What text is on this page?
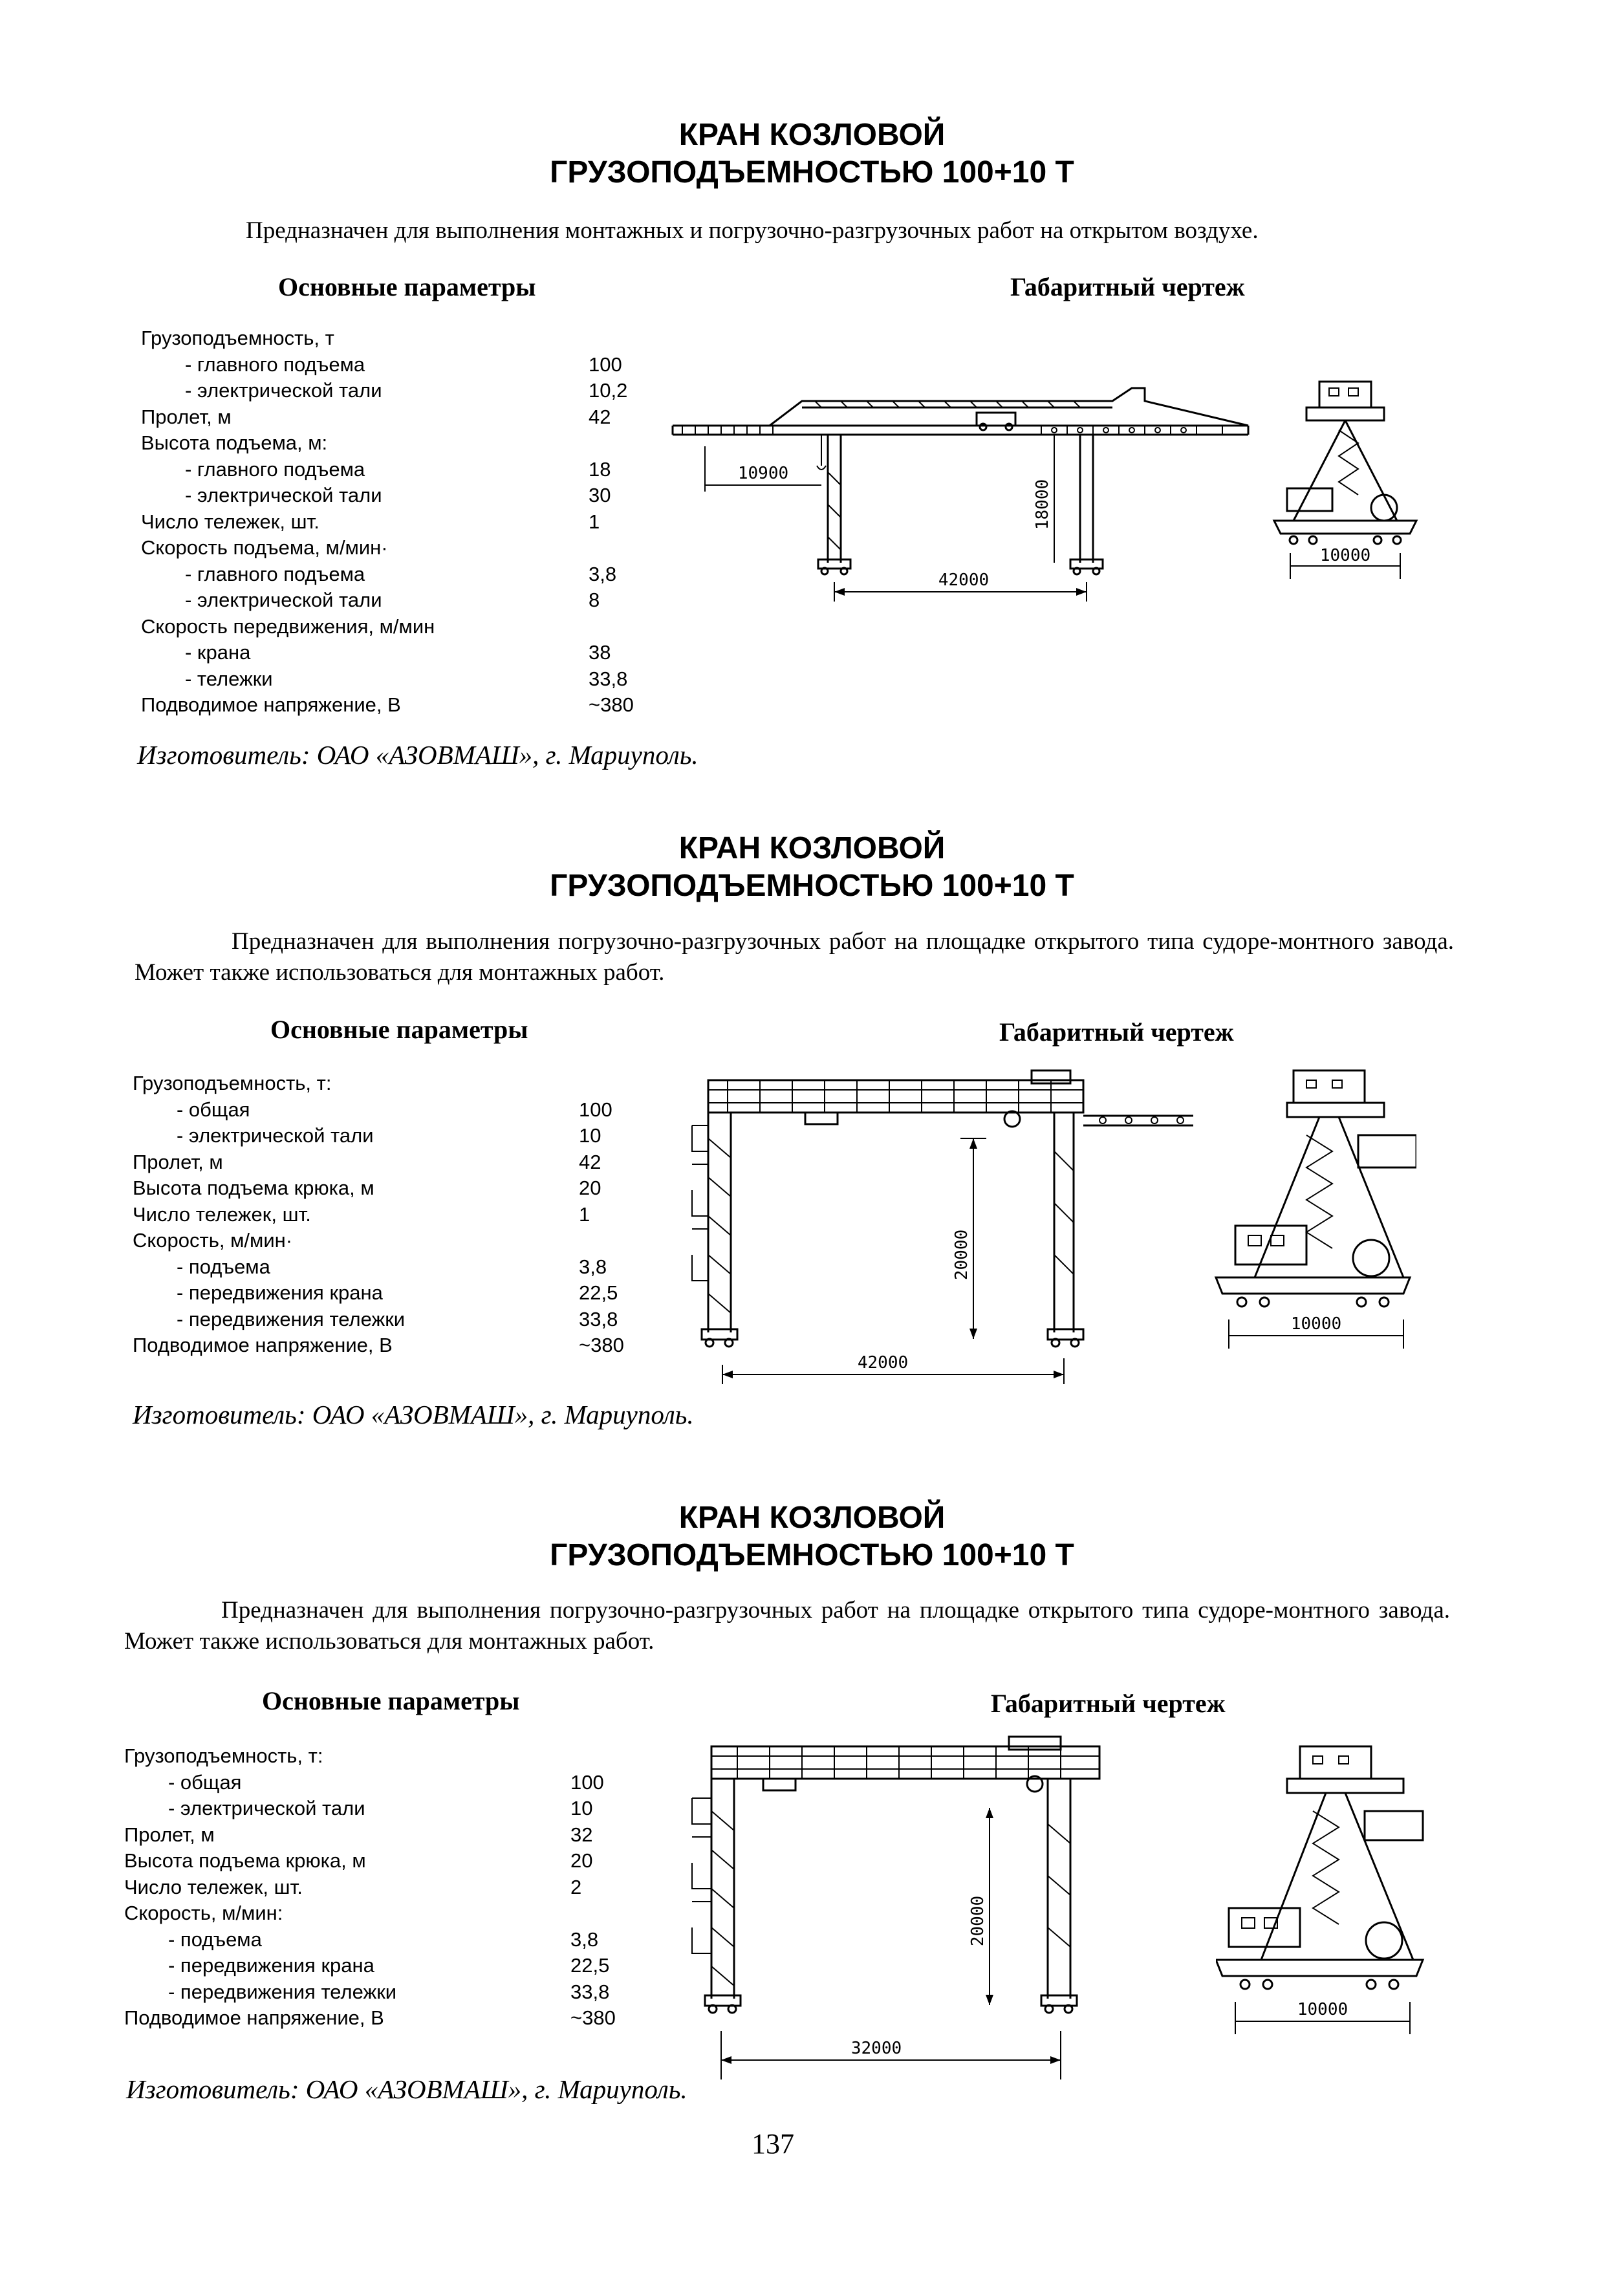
КРАН КОЗЛОВОЙ
ГРУЗОПОДЪЕМНОСТЬЮ 100+10 Т
Предназначен для выполнения монтажных и погрузочно-разгрузочных работ на открытом воздухе.
Основные параметры	Габаритный чертеж
Грузоподъемность, т
- главного подъема	100
- электрической тали	10,2
Пролет, м	42
Высота подъема, м:
- главного подъема	18
- электрической тали	30
Число тележек, шт.	1
Скорость подъема, м/мин·
- главного подъема	3,8
- электрической тали	8
Скорость передвижения, м/мин
- крана	38
- тележки	33,8
Подводимое напряжение, В	~380
10900
18000
42000
10000
Изготовитель: ОАО «АЗОВМАШ», г. Мариуполь.
КРАН КОЗЛОВОЙ
ГРУЗОПОДЪЕМНОСТЬЮ 100+10 Т
Предназначен для выполнения погрузочно-разгрузочных работ на площадке открытого типа судоре-монтного завода. Может также использоваться для монтажных работ.
Основные параметры	Габаритный чертеж
Грузоподъемность, т:
- общая	100
- электрической тали	10
Пролет, м	42
Высота подъема крюка, м	20
Число тележек, шт.	1
Скорость, м/мин·
- подъема	3,8
- передвижения крана	22,5
- передвижения тележки	33,8
Подводимое напряжение, В	~380
20000
42000
10000
Изготовитель: ОАО «АЗОВМАШ», г. Мариуполь.
КРАН КОЗЛОВОЙ
ГРУЗОПОДЪЕМНОСТЬЮ 100+10 Т
Предназначен для выполнения погрузочно-разгрузочных работ на площадке открытого типа судоре-монтного завода. Может также использоваться для монтажных работ.
Основные параметры	Габаритный чертеж
Грузоподъемность, т:
- общая	100
- электрической тали	10
Пролет, м	32
Высота подъема крюка, м	20
Число тележек, шт.	2
Скорость, м/мин:
- подъема	3,8
- передвижения крана	22,5
- передвижения тележки	33,8
Подводимое напряжение, В	~380
20000
32000
10000
Изготовитель: ОАО «АЗОВМАШ», г. Мариуполь.
137
